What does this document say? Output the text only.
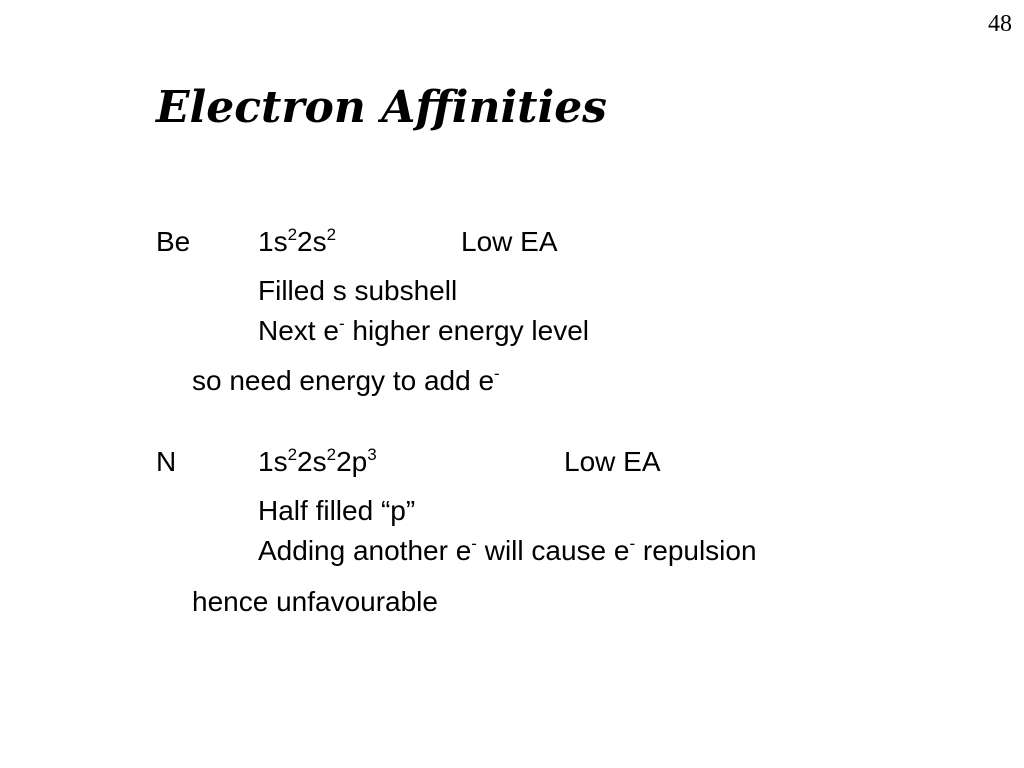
48
Electron Affinities
Be $1s^22s^2$	Low EA
Filled s subshell
Next e- higher energy level
so need energy to add e-
N	$1s^22s^22p^3$	Low EA
Half filled “p”
Adding another e- will cause e- repulsion
hence unfavourable
